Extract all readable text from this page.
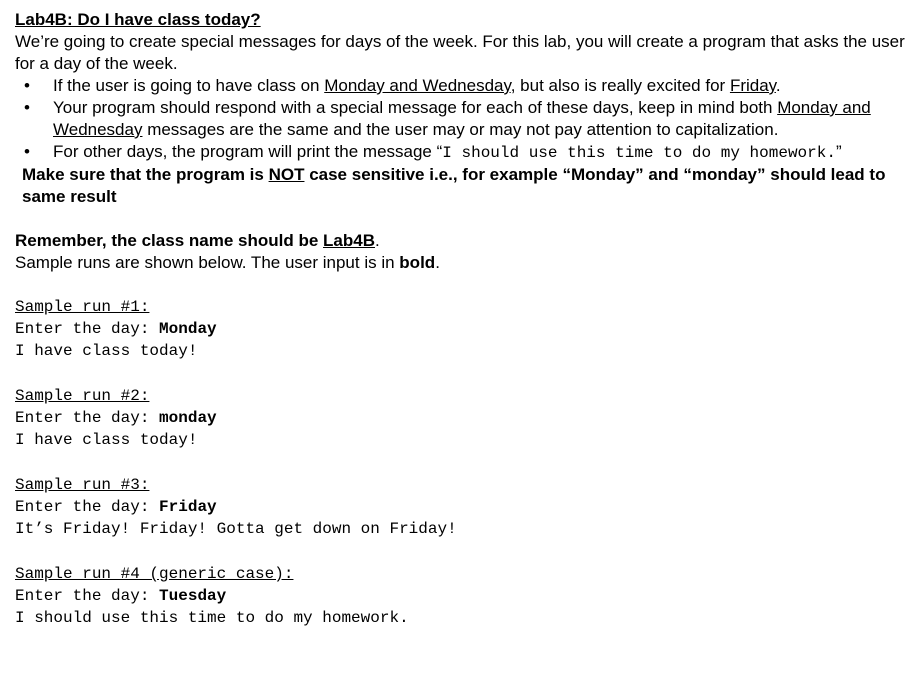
Lab4B: Do I have class today?

We’re going to create special messages for days of the week. For this lab, you will create a program that asks the user for a day of the week.

• If the user is going to have class on Monday and Wednesday, but also is really excited for Friday.
• Your program should respond with a special message for each of these days, keep in mind both Monday and Wednesday messages are the same and the user may or may not pay attention to capitalization.
• For other days, the program will print the message “I should use this time to do my homework.”

Make sure that the program is NOT case sensitive i.e., for example “Monday” and “monday” should lead to same result

Remember, the class name should be Lab4B.

Sample runs are shown below. The user input is in bold.

Sample run #1:

Enter the day: Monday

I have class today!

Sample run #2:

Enter the day: monday

I have class today!

Sample run #3:

Enter the day: Friday

It’s Friday! Friday! Gotta get down on Friday!

Sample run #4 (generic case):

Enter the day: Tuesday

I should use this time to do my homework.
